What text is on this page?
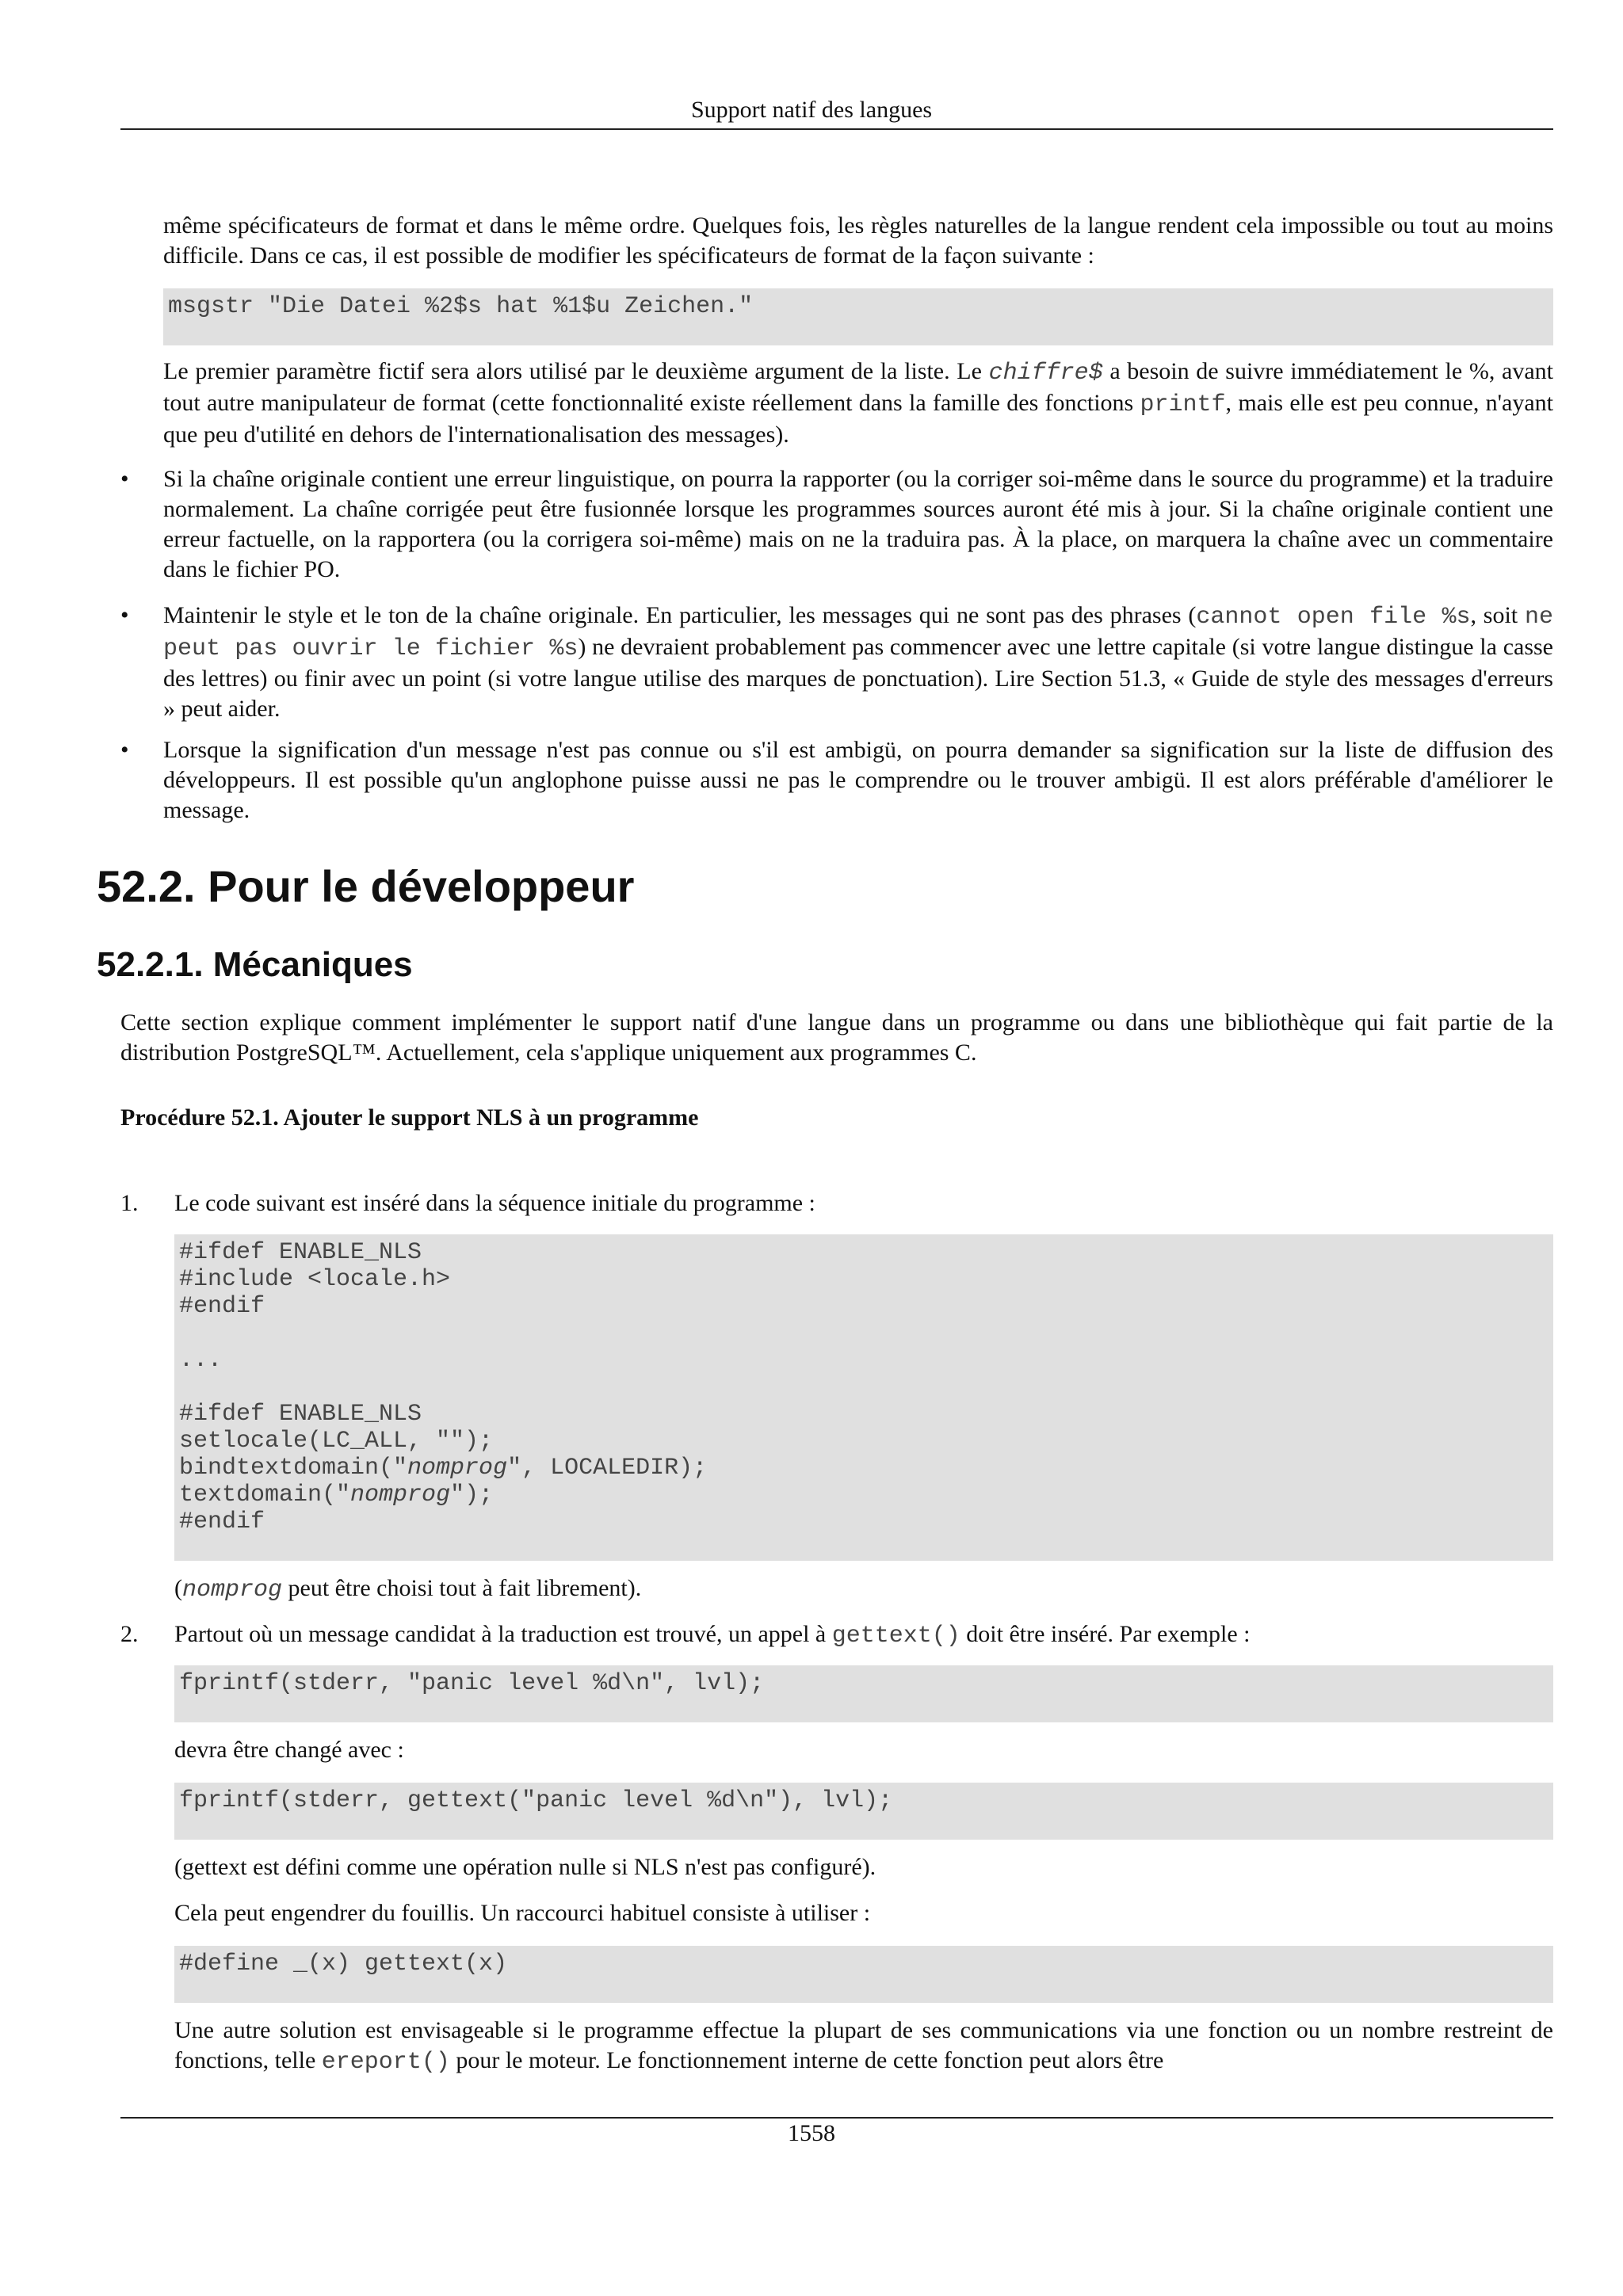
Support natif des langues

même spécificateurs de format et dans le même ordre. Quelques fois, les règles naturelles de la langue rendent cela impossible ou tout au moins difficile. Dans ce cas, il est possible de modifier les spécificateurs de format de la façon suivante :

msgstr "Die Datei %2$s hat %1$u Zeichen."

Le premier paramètre fictif sera alors utilisé par le deuxième argument de la liste. Le chiffre$ a besoin de suivre immédiatement le %, avant tout autre manipulateur de format (cette fonctionnalité existe réellement dans la famille des fonctions printf, mais elle est peu connue, n'ayant que peu d'utilité en dehors de l'internationalisation des messages).

•	Si la chaîne originale contient une erreur linguistique, on pourra la rapporter (ou la corriger soi-même dans le source du programme) et la traduire normalement. La chaîne corrigée peut être fusionnée lorsque les programmes sources auront été mis à jour. Si la chaîne originale contient une erreur factuelle, on la rapportera (ou la corrigera soi-même) mais on ne la traduira pas. À la place, on marquera la chaîne avec un commentaire dans le fichier PO.

•	Maintenir le style et le ton de la chaîne originale. En particulier, les messages qui ne sont pas des phrases (cannot open file %s, soit ne peut pas ouvrir le fichier %s) ne devraient probablement pas commencer avec une lettre capitale (si votre langue distingue la casse des lettres) ou finir avec un point (si votre langue utilise des marques de ponctuation). Lire Section 51.3, « Guide de style des messages d'erreurs » peut aider.

•	Lorsque la signification d'un message n'est pas connue ou s'il est ambigü, on pourra demander sa signification sur la liste de diffusion des développeurs. Il est possible qu'un anglophone puisse aussi ne pas le comprendre ou le trouver ambigü. Il est alors préférable d'améliorer le message.

52.2. Pour le développeur
52.2.1. Mécaniques

Cette section explique comment implémenter le support natif d'une langue dans un programme ou dans une bibliothèque qui fait partie de la distribution PostgreSQL™. Actuellement, cela s'applique uniquement aux programmes C.

Procédure 52.1. Ajouter le support NLS à un programme
1.	Le code suivant est inséré dans la séquence initiale du programme :

#ifdef ENABLE_NLS
#include <locale.h>
#endif

...

#ifdef ENABLE_NLS
setlocale(LC_ALL, "");
bindtextdomain("nomprog", LOCALEDIR);
textdomain("nomprog");
#endif

(nomprog peut être choisi tout à fait librement).

2.	Partout où un message candidat à la traduction est trouvé, un appel à gettext() doit être inséré. Par exemple :

fprintf(stderr, "panic level %d\n", lvl);

devra être changé avec :

fprintf(stderr, gettext("panic level %d\n"), lvl);

(gettext est défini comme une opération nulle si NLS n'est pas configuré).

Cela peut engendrer du fouillis. Un raccourci habituel consiste à utiliser :

#define _(x) gettext(x)

Une autre solution est envisageable si le programme effectue la plupart de ses communications via une fonction ou un nombre restreint de fonctions, telle ereport() pour le moteur. Le fonctionnement interne de cette fonction peut alors être

1558
